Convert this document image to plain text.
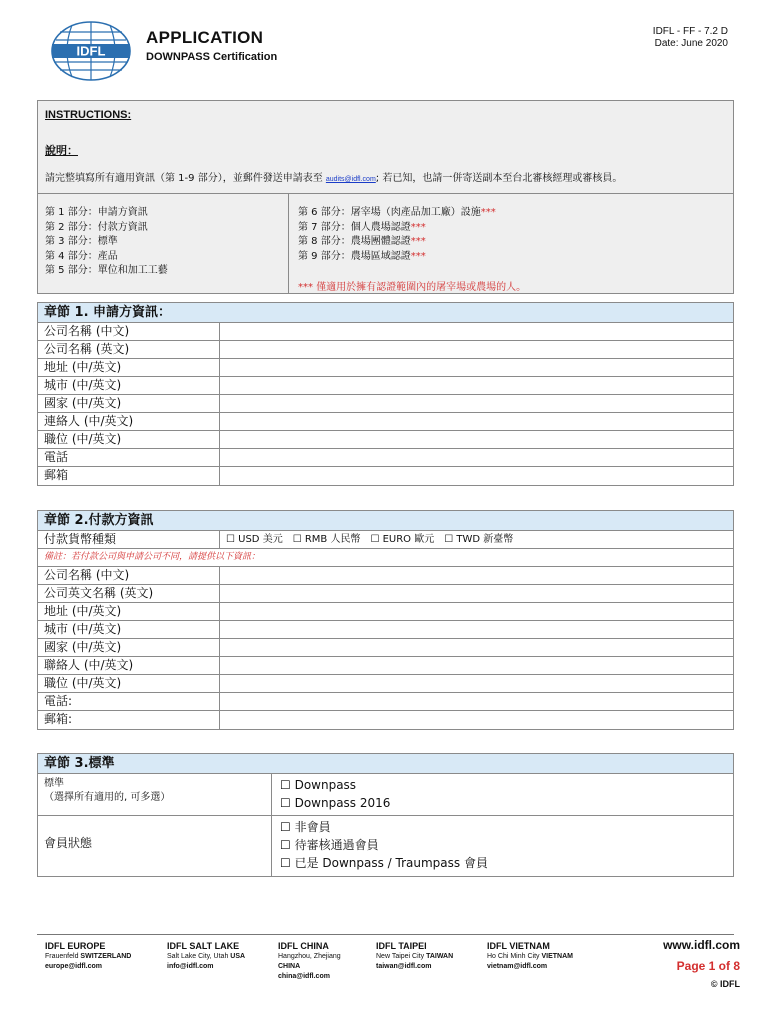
IDFL
APPLICATION
DOWNPASS Certification
IDFL - FF - 7.2 D
Date: June 2020
INSTRUCTIONS:
說明：
請完整填寫所有適用資訊（第 1-9 部分），並郵件發送申請表至 audits@idfl.com; 若已知，也請一併寄送副本至台北審核經理或審核員。
第 1 部分：申請方資訊
第 2 部分：付款方資訊
第 3 部分：標準
第 4 部分：產品
第 5 部分：單位和加工工藝
第 6 部分：屠宰場（肉產品加工廠）設施***
第 7 部分：個人農場認證***
第 8 部分：農場團體認證***
第 9 部分：農場區域認證***
*** 僅適用於擁有認證範圍內的屠宰場或農場的人。
章節 1. 申請方資訊：
公司名稱 (中文)
公司名稱 (英文)
地址 (中/英文)
城市 (中/英文)
國家 (中/英文)
連絡人 (中/英文)
職位 (中/英文)
電話
郵箱
章節 2.付款方資訊
付款貨幣種類	☐ USD 美元　☐ RMB 人民幣　☐ EURO 歐元　☐ TWD 新臺幣
備註：若付款公司與申請公司不同，請提供以下資訊：
公司名稱 (中文)
公司英文名稱 (英文)
地址 (中/英文)
城市 (中/英文)
國家 (中/英文)
聯絡人 (中/英文)
職位 (中/英文)
電話:
郵箱:
章節 3.標準
標準
（選擇所有適用的, 可多選）
☐ Downpass
☐ Downpass 2016
會員狀態
☐ 非會員
☐ 待審核通過會員
☐ 已是 Downpass / Traumpass 會員
IDFL EUROPE
Frauenfeld SWITZERLAND
europe@idfl.com
IDFL SALT LAKE
Salt Lake City, Utah USA
info@idfl.com
IDFL CHINA
Hangzhou, Zhejiang
CHINA
china@idfl.com
IDFL TAIPEI
New Taipei City TAIWAN
taiwan@idfl.com
IDFL VIETNAM
Ho Chi Minh City VIETNAM
vietnam@idfl.com
www.idfl.com
Page 1 of 8
© IDFL
